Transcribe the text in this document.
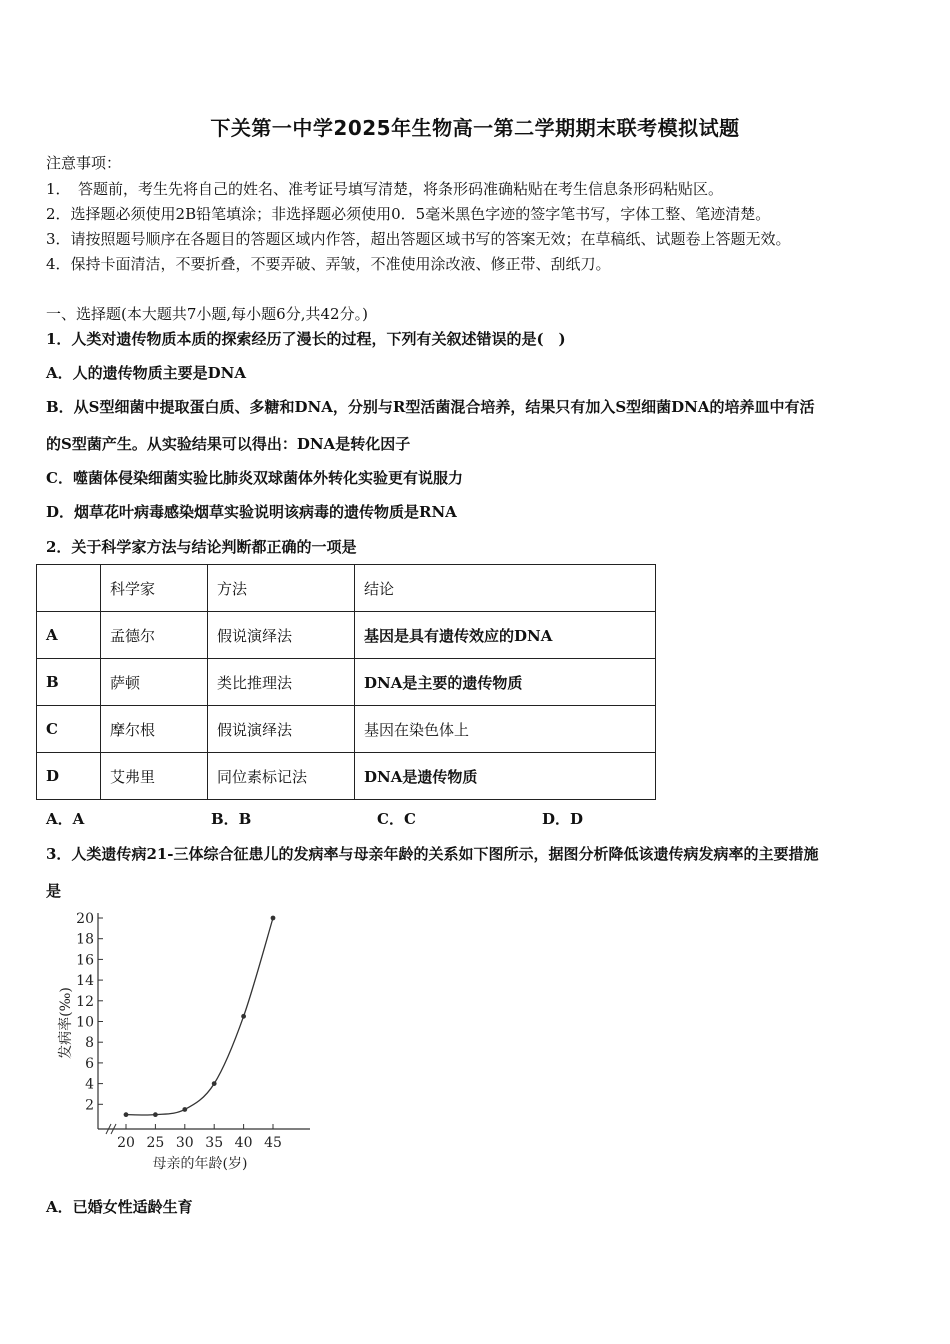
下关第一中学2025年生物高一第二学期期末联考模拟试题
注意事项：
1．　答题前，考生先将自己的姓名、准考证号填写清楚，将条形码准确粘贴在考生信息条形码粘贴区。
2．选择题必须使用2B铅笔填涂；非选择题必须使用0．5毫米黑色字迹的签字笔书写，字体工整、笔迹清楚。
3．请按照题号顺序在各题目的答题区域内作答，超出答题区域书写的答案无效；在草稿纸、试题卷上答题无效。
4．保持卡面清洁，不要折叠，不要弄破、弄皱，不准使用涂改液、修正带、刮纸刀。
一、选择题(本大题共7小题,每小题6分,共42分。)
1．人类对遗传物质本质的探索经历了漫长的过程，下列有关叙述错误的是(　)
A．人的遗传物质主要是DNA
B．从S型细菌中提取蛋白质、多糖和DNA，分别与R型活菌混合培养，结果只有加入S型细菌DNA的培养皿中有活
的S型菌产生。从实验结果可以得出：DNA是转化因子
C．噬菌体侵染细菌实验比肺炎双球菌体外转化实验更有说服力
D．烟草花叶病毒感染烟草实验说明该病毒的遗传物质是RNA
2．关于科学家方法与结论判断都正确的一项是
	科学家	方法	结论
A	孟德尔	假说演绎法	基因是具有遗传效应的DNA
B	萨顿	类比推理法	DNA是主要的遗传物质
C	摩尔根	假说演绎法	基因在染色体上
D	艾弗里	同位素标记法	DNA是遗传物质
A．A	B．B	C．C	D．D
3．人类遗传病21-三体综合征患儿的发病率与母亲年龄的关系如下图所示，据图分析降低该遗传病发病率的主要措施
是
2
4
6
8
10
12
14
16
18
20
20 25 30 35 40 45
母亲的年龄(岁)
发病率(‰)
A．已婚女性适龄生育
